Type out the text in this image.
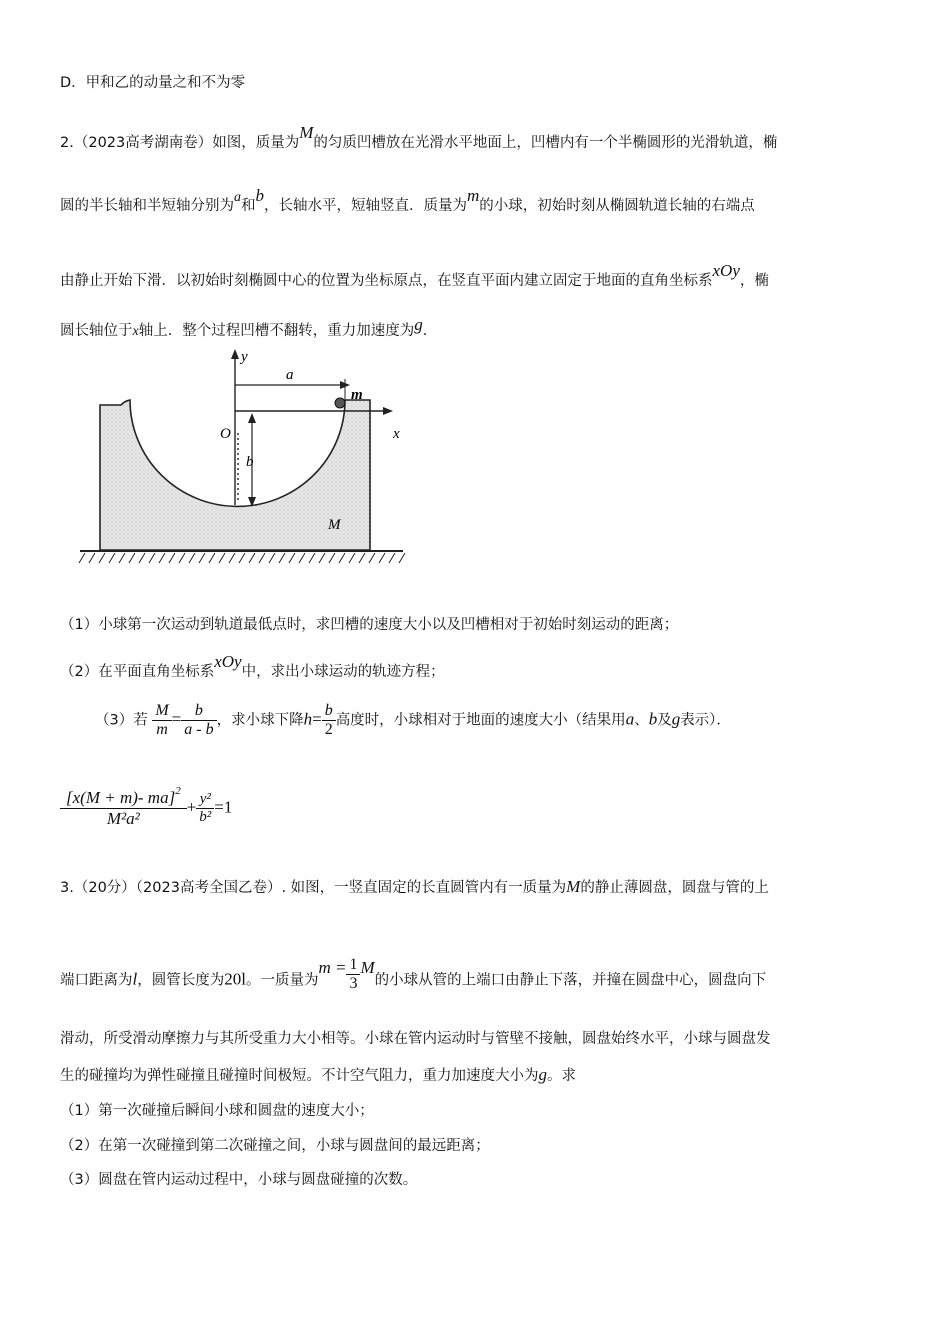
D．甲和乙的动量之和不为零
2.（2023高考湖南卷）如图，质量为M的匀质凹槽放在光滑水平地面上，凹槽内有一个半椭圆形的光滑轨道，椭
圆的半长轴和半短轴分别为a和b，长轴水平，短轴竖直．质量为m的小球，初始时刻从椭圆轨道长轴的右端点
由静止开始下滑．以初始时刻椭圆中心的位置为坐标原点，在竖直平面内建立固定于地面的直角坐标系xOy，椭
圆长轴位于x轴上．整个过程凹槽不翻转，重力加速度为g．
y
x
O
a
b
m
M
（1）小球第一次运动到轨道最低点时，求凹槽的速度大小以及凹槽相对于初始时刻运动的距离；
（2）在平面直角坐标系xOy中，求出小球运动的轨迹方程；
（3）若 $\frac{M}{m} = \frac{b}{a - b}$ ，求小球下降$h= \frac{b}{2}$ 高度时，小球相对于地面的速度大小（结果用a、b及g表示）．
$\frac{[x(M + m)- ma]^2}{\text{M²a²}} + \frac{\text{y²}}{\text{b²}} =1$
3.（20分）（2023高考全国乙卷）. 如图，一竖直固定的长直圆管内有一质量为M的静止薄圆盘，圆盘与管的上
端口距离为l，圆管长度为20l。一质量为$m = \frac{1}{3}$ M的小球从管的上端口由静止下落，并撞在圆盘中心，圆盘向下
滑动，所受滑动摩擦力与其所受重力大小相等。小球在管内运动时与管壁不接触，圆盘始终水平，小球与圆盘发
生的碰撞均为弹性碰撞且碰撞时间极短。不计空气阻力，重力加速度大小为g。求
（1）第一次碰撞后瞬间小球和圆盘的速度大小；
（2）在第一次碰撞到第二次碰撞之间，小球与圆盘间的最远距离；
（3）圆盘在管内运动过程中，小球与圆盘碰撞的次数。
